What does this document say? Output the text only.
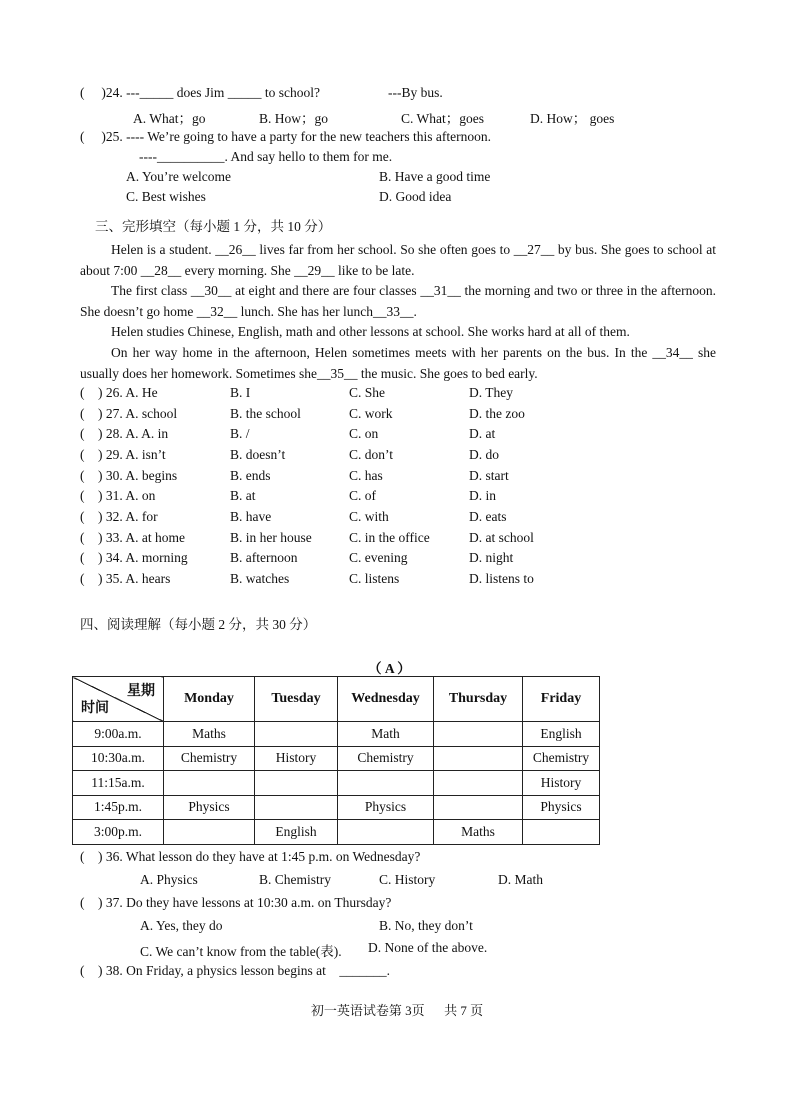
(     )24. ---_____ does Jim _____ to school?	---By bus.
A. What；go	B. How；go	C. What；goes	D. How； goes
(     )25. ---- We’re going to have a party for the new teachers this afternoon.
----__________. And say hello to them for me.
A. You’re welcome	B. Have a good time
C. Best wishes	D. Good idea
三、完形填空（每小题 1 分，共 10 分）
Helen is a student. __26__ lives far from her school. So she often goes to __27__ by bus. She goes to school at about 7:00 __28__ every morning. She __29__ like to be late.
The first class __30__ at eight and there are four classes __31__ the morning and two or three in the afternoon. She doesn’t go home __32__ lunch. She has her lunch__33__.
Helen studies Chinese, English, math and other lessons at school. She works hard at all of them.
On her way home in the afternoon, Helen sometimes meets with her parents on the bus. In the __34__ she usually does her homework. Sometimes she__35__ the music. She goes to bed early.
(    ) 26. A. He	B. I	C. She	D. They
(    ) 27. A. school	B. the school	C. work	D. the zoo
(    ) 28. A. A. in	B. /	C. on	D. at
(    ) 29. A. isn’t	B. doesn’t	C. don’t	D. do
(    ) 30. A. begins	B. ends	C. has	D. start
(    ) 31. A. on	B. at	C. of	D. in
(    ) 32. A. for	B. have	C. with	D. eats
(    ) 33. A. at home	B. in her house	C. in the office	D. at school
(    ) 34. A. morning	B. afternoon	C. evening	D. night
(    ) 35. A. hears	B. watches	C. listens	D. listens to
四、阅读理解（每小题 2 分，共 30 分）
（ A ）
星期
时间	Monday	Tuesday	Wednesday	Thursday	Friday
9:00a.m.	Maths		Math		English
10:30a.m.	Chemistry	History	Chemistry		Chemistry
11:15a.m.					History
1:45p.m.	Physics		Physics		Physics
3:00p.m.		English		Maths	
(    ) 36. What lesson do they have at 1:45 p.m. on Wednesday?
A. Physics	B. Chemistry	C. History	D. Math
(    ) 37. Do they have lessons at 10:30 a.m. on Thursday?
A. Yes, they do	B. No, they don’t
C. We can’t know from the table(表). D. None of the above.
(    ) 38. On Friday, a physics lesson begins at    _______.
初一英语试卷第 3页      共 7 页
